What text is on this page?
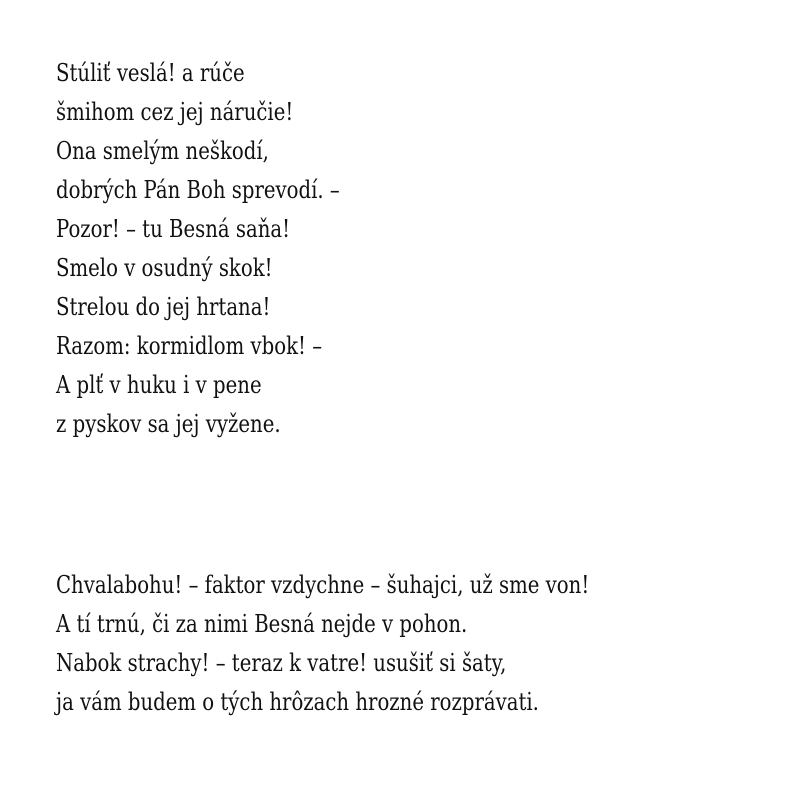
Stúliť veslá! a rúče
šmihom cez jej náručie!
Ona smelým neškodí,
dobrých Pán Boh sprevodí. –
Pozor! – tu Besná saňa!
Smelo v osudný skok!
Strelou do jej hrtana!
Razom: kormidlom vbok! –
A plť v huku i v pene
z pyskov sa jej vyžene.
Chvalabohu! – faktor vzdychne – šuhajci, už sme von!
A tí trnú, či za nimi Besná nejde v pohon.
Nabok strachy! – teraz k vatre! usušiť si šaty,
ja vám budem o tých hrôzach hrozné rozprávati.
